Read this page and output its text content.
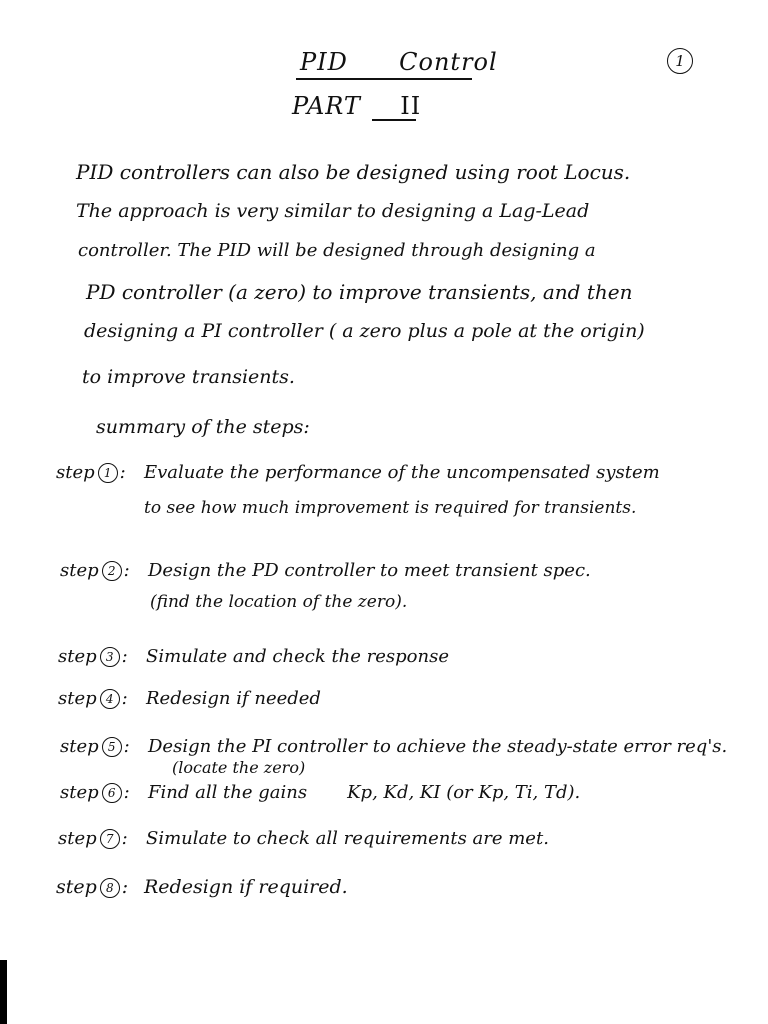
PID Control
PART II
1
PID controllers can also be designed using root Locus.
The approach is very similar to designing a Lag-Lead
controller. The PID will be designed through designing a
PD controller (a zero) to improve transients, and then
designing a PI controller ( a zero plus a pole at the origin)
to improve transients.
summary of the steps:
step 1 : Evaluate the performance of the uncompensated system
to see how much improvement is required for transients.
step 2 : Design the PD controller to meet transient spec.
(find the location of the zero).
step 3 : Simulate and check the response
step 4 : Redesign if needed
step 5 : Design the PI controller to achieve the steady-state error req's.
(locate the zero)
step 6 : Find all the gains Kp, Kd, KI (or Kp, Ti, Td).
step 7 : Simulate to check all requirements are met.
step 8 : Redesign if required.
